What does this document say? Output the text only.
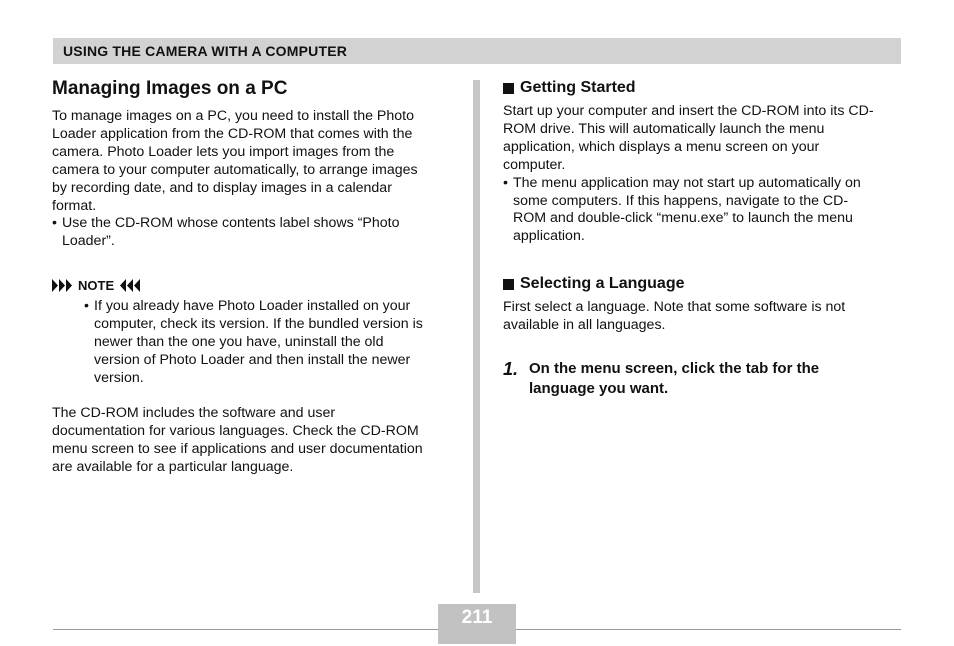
USING THE CAMERA WITH A COMPUTER
Managing Images on a PC
To manage images on a PC, you need to install the Photo
Loader application from the CD-ROM that comes with the
camera. Photo Loader lets you import images from the
camera to your computer automatically, to arrange images
by recording date, and to display images in a calendar
format.
• Use the CD-ROM whose contents label shows “Photo
Loader”.
NOTE
• If you already have Photo Loader installed on your
computer, check its version. If the bundled version is
newer than the one you have, uninstall the old
version of Photo Loader and then install the newer
version.
The CD-ROM includes the software and user
documentation for various languages. Check the CD-ROM
menu screen to see if applications and user documentation
are available for a particular language.
Getting Started
Start up your computer and insert the CD-ROM into its CD-
ROM drive. This will automatically launch the menu
application, which displays a menu screen on your
computer.
• The menu application may not start up automatically on
some computers. If this happens, navigate to the CD-
ROM and double-click “menu.exe” to launch the menu
application.
Selecting a Language
First select a language. Note that some software is not
available in all languages.
1. On the menu screen, click the tab for the
language you want.
211
